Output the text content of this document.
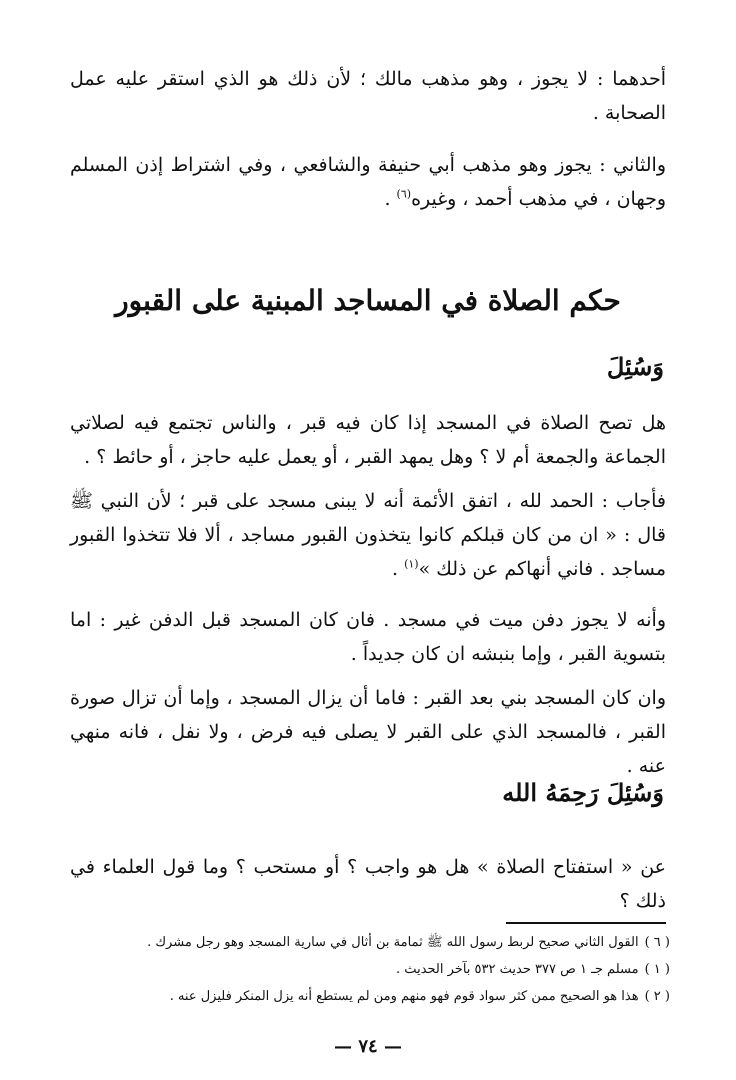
أحدهما : لا يجوز ، وهو مذهب مالك ؛ لأن ذلك هو الذي استقر عليه عمل الصحابة .

والثاني : يجوز وهو مذهب أبي حنيفة والشافعي ، وفي اشتراط إذن المسلم وجهان ، في مذهب أحمد ، وغيره$^{(٦)}$ .

حكم الصلاة في المساجد المبنية على القبور
وَسُئِلَ

هل تصح الصلاة في المسجد إذا كان فيه قبر ، والناس تجتمع فيه لصلاتي الجماعة والجمعة أم لا ؟ وهل يمهد القبر ، أو يعمل عليه حاجز ، أو حائط ؟ .

فأجاب : الحمد لله ، اتفق الأئمة أنه لا يبنى مسجد على قبر ؛ لأن النبي ﷺ قال : « ان من كان قبلكم كانوا يتخذون القبور مساجد ، ألا فلا تتخذوا القبور مساجد . فاني أنهاكم عن ذلك »$^{(١)}$ .

وأنه لا يجوز دفن ميت في مسجد . فان كان المسجد قبل الدفن غير : اما بتسوية القبر ، وإما بنبشه ان كان جديداً .

وان كان المسجد بني بعد القبر : فاما أن يزال المسجد ، وإما أن تزال صورة القبر ، فالمسجد الذي على القبر لا يصلى فيه فرض ، ولا نفل ، فانه منهي عنه .

وَسُئِلَ رَحِمَهُ الله

عن « استفتاح الصلاة » هل هو واجب ؟ أو مستحب ؟ وما قول العلماء في ذلك ؟

( ٦ )القول الثاني صحيح لربط رسول الله ﷺ ثمامة بن أثال في سارية المسجد وهو رجل مشرك .
( ١ )مسلم جـ ١ ص ٣٧٧ حديث ٥٣٢ بآخر الحديث .
( ٢ )هذا هو الصحيح ممن كثر سواد قوم فهو منهم ومن لم يستطع أنه يزل المنكر فليزل عنه .
— ٧٤ —
